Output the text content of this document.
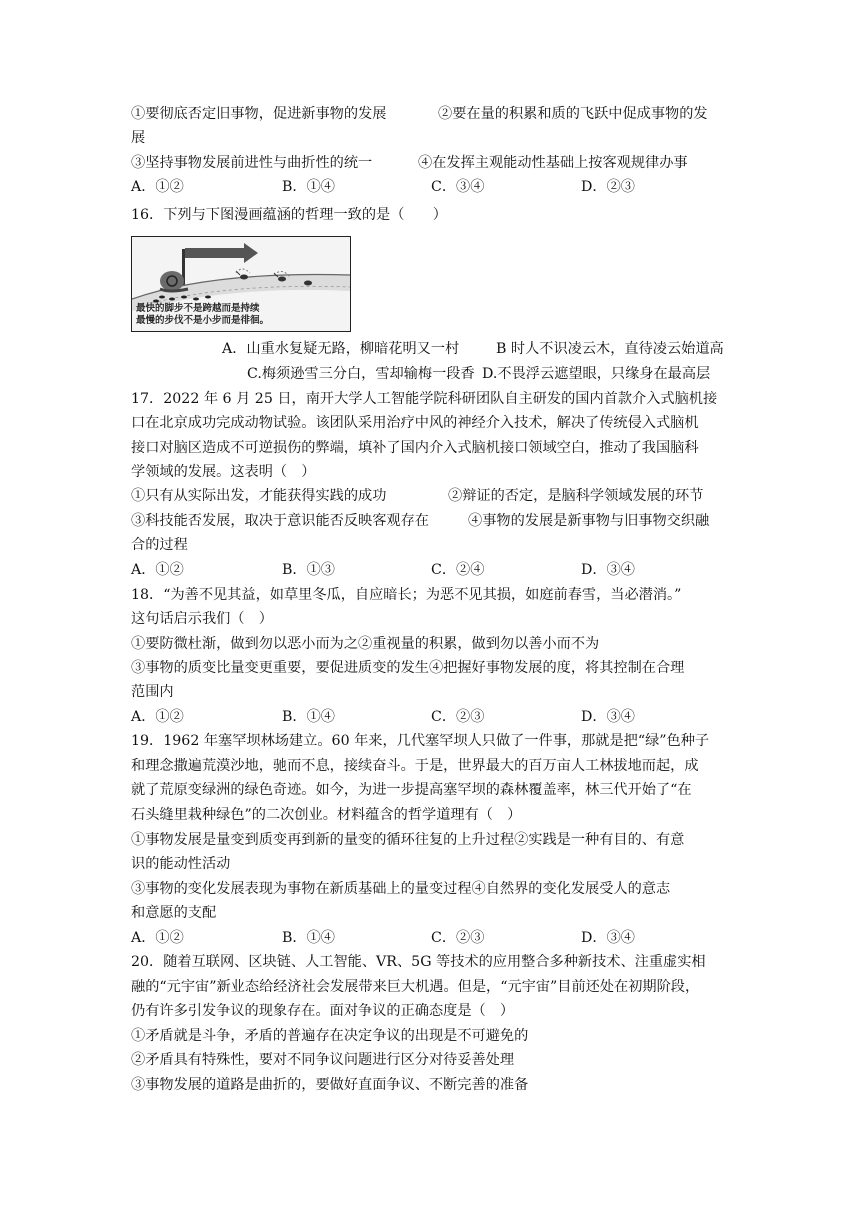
①要彻底否定旧事物，促进新事物的发展	②要在量的积累和质的飞跃中促成事物的发
展
③坚持事物发展前进性与曲折性的统一	④在发挥主观能动性基础上按客观规律办事
A．①②	B．①④	C．③④	D．②③
16．下列与下图漫画蕴涵的哲理一致的是（　　）
最快的脚步不是跨越而是持续
最慢的步伐不是小步而是徘徊。
A．山重水复疑无路，柳暗花明又一村	B 时人不识凌云木，直待凌云始道高
C.梅须逊雪三分白，雪却输梅一段香 D.不畏浮云遮望眼，只缘身在最高层
17．2022 年 6 月 25 日，南开大学人工智能学院科研团队自主研发的国内首款介入式脑机接
口在北京成功完成动物试验。该团队采用治疗中风的神经介入技术，解决了传统侵入式脑机
接口对脑区造成不可逆损伤的弊端，填补了国内介入式脑机接口领域空白，推动了我国脑科
学领域的发展。这表明（　）
①只有从实际出发，才能获得实践的成功	②辩证的否定，是脑科学领域发展的环节
③科技能否发展，取决于意识能否反映客观存在	④事物的发展是新事物与旧事物交织融
合的过程
A．①②	B．①③	C．②④	D．③④
18．“为善不见其益，如草里冬瓜，自应暗长；为恶不见其损，如庭前春雪，当必潜消。”
这句话启示我们（　）
①要防微杜渐，做到勿以恶小而为之②重视量的积累，做到勿以善小而不为
③事物的质变比量变更重要，要促进质变的发生④把握好事物发展的度，将其控制在合理
范围内
A．①②	B．①④	C．②③	D．③④
19．1962 年塞罕坝林场建立。60 年来，几代塞罕坝人只做了一件事，那就是把“绿”色种子
和理念撒遍荒漠沙地，驰而不息，接续奋斗。于是，世界最大的百万亩人工林拔地而起，成
就了荒原变绿洲的绿色奇迹。如今，为进一步提高塞罕坝的森林覆盖率，林三代开始了“在
石头缝里栽种绿色”的二次创业。材料蕴含的哲学道理有（　）
①事物发展是量变到质变再到新的量变的循环往复的上升过程②实践是一种有目的、有意
识的能动性活动
③事物的变化发展表现为事物在新质基础上的量变过程④自然界的变化发展受人的意志
和意愿的支配
A．①②	B．①④	C．②③	D．③④
20．随着互联网、区块链、人工智能、VR、5G 等技术的应用整合多种新技术、注重虚实相
融的“元宇宙”新业态给经济社会发展带来巨大机遇。但是，“元宇宙”目前还处在初期阶段，
仍有许多引发争议的现象存在。面对争议的正确态度是（　）
①矛盾就是斗争，矛盾的普遍存在决定争议的出现是不可避免的
②矛盾具有特殊性，要对不同争议问题进行区分对待妥善处理
③事物发展的道路是曲折的，要做好直面争议、不断完善的准备
